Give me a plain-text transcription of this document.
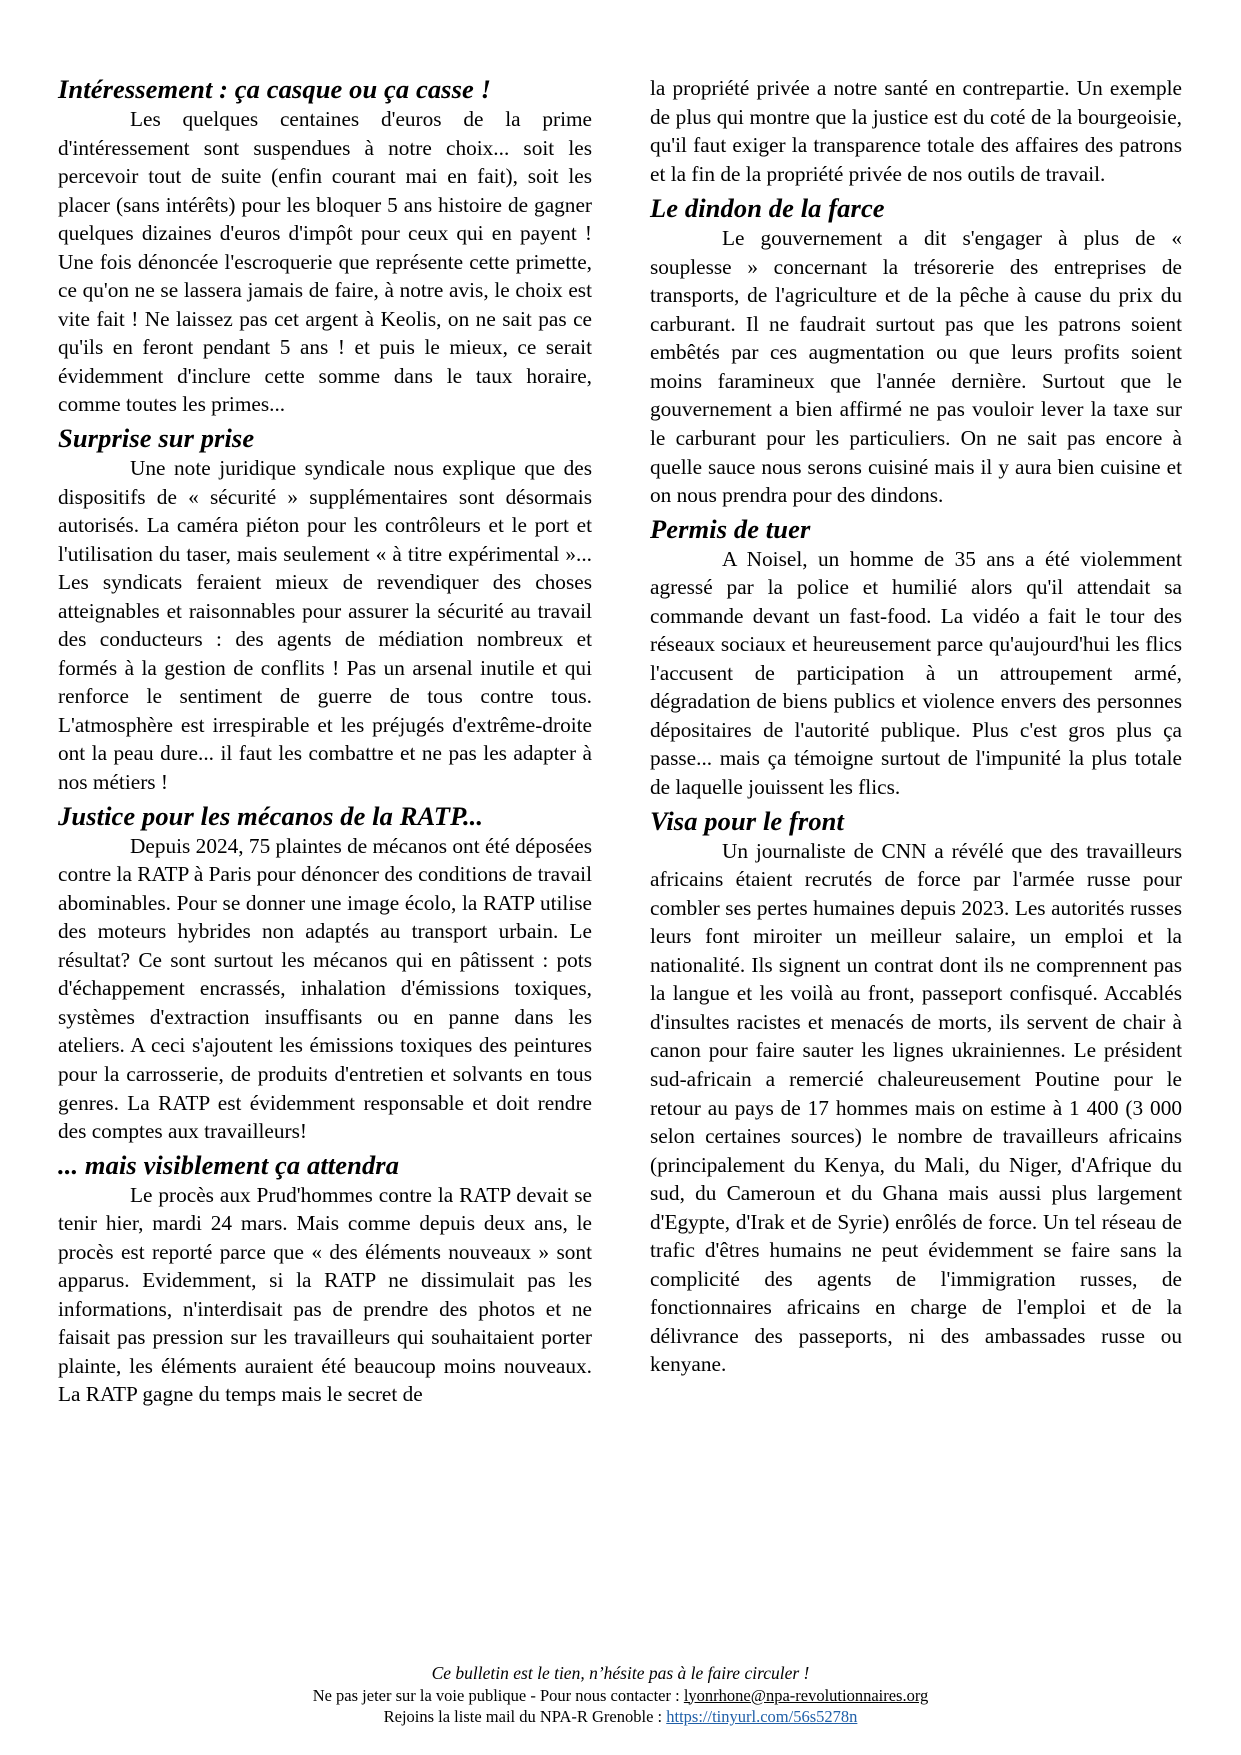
Intéressement : ça casque ou ça casse !

Les quelques centaines d'euros de la prime d'intéressement sont suspendues à notre choix... soit les percevoir tout de suite (enfin courant mai en fait), soit les placer (sans intérêts) pour les bloquer 5 ans histoire de gagner quelques dizaines d'euros d'impôt pour ceux qui en payent ! Une fois dénoncée l'escroquerie que représente cette primette, ce qu'on ne se lassera jamais de faire, à notre avis, le choix est vite fait ! Ne laissez pas cet argent à Keolis, on ne sait pas ce qu'ils en feront pendant 5 ans ! et puis le mieux, ce serait évidemment d'inclure cette somme dans le taux horaire, comme toutes les primes...

Surprise sur prise

Une note juridique syndicale nous explique que des dispositifs de « sécurité » supplémentaires sont désormais autorisés. La caméra piéton pour les contrôleurs et le port et l'utilisation du taser, mais seulement « à titre expérimental »... Les syndicats feraient mieux de revendiquer des choses atteignables et raisonnables pour assurer la sécurité au travail des conducteurs : des agents de médiation nombreux et formés à la gestion de conflits ! Pas un arsenal inutile et qui renforce le sentiment de guerre de tous contre tous. L'atmosphère est irrespirable et les préjugés d'extrême-droite ont la peau dure... il faut les combattre et ne pas les adapter à nos métiers !

Justice pour les mécanos de la RATP...

Depuis 2024, 75 plaintes de mécanos ont été déposées contre la RATP à Paris pour dénoncer des conditions de travail abominables. Pour se donner une image écolo, la RATP utilise des moteurs hybrides non adaptés au transport urbain. Le résultat? Ce sont surtout les mécanos qui en pâtissent : pots d'échappement encrassés, inhalation d'émissions toxiques, systèmes d'extraction insuffisants ou en panne dans les ateliers. A ceci s'ajoutent les émissions toxiques des peintures pour la carrosserie, de produits d'entretien et solvants en tous genres. La RATP est évidemment responsable et doit rendre des comptes aux travailleurs!

... mais visiblement ça attendra

Le procès aux Prud'hommes contre la RATP devait se tenir hier, mardi 24 mars. Mais comme depuis deux ans, le procès est reporté parce que « des éléments nouveaux » sont apparus. Evidemment, si la RATP ne dissimulait pas les informations, n'interdisait pas de prendre des photos et ne faisait pas pression sur les travailleurs qui souhaitaient porter plainte, les éléments auraient été beaucoup moins nouveaux. La RATP gagne du temps mais le secret de

la propriété privée a notre santé en contrepartie. Un exemple de plus qui montre que la justice est du coté de la bourgeoisie, qu'il faut exiger la transparence totale des affaires des patrons et la fin de la propriété privée de nos outils de travail.

Le dindon de la farce

Le gouvernement a dit s'engager à plus de « souplesse » concernant la trésorerie des entreprises de transports, de l'agriculture et de la pêche à cause du prix du carburant. Il ne faudrait surtout pas que les patrons soient embêtés par ces augmentation ou que leurs profits soient moins faramineux que l'année dernière. Surtout que le gouvernement a bien affirmé ne pas vouloir lever la taxe sur le carburant pour les particuliers. On ne sait pas encore à quelle sauce nous serons cuisiné mais il y aura bien cuisine et on nous prendra pour des dindons.

Permis de tuer

A Noisel, un homme de 35 ans a été violemment agressé par la police et humilié alors qu'il attendait sa commande devant un fast-food. La vidéo a fait le tour des réseaux sociaux et heureusement parce qu'aujourd'hui les flics l'accusent de participation à un attroupement armé, dégradation de biens publics et violence envers des personnes dépositaires de l'autorité publique. Plus c'est gros plus ça passe... mais ça témoigne surtout de l'impunité la plus totale de laquelle jouissent les flics.

Visa pour le front

Un journaliste de CNN a révélé que des travailleurs africains étaient recrutés de force par l'armée russe pour combler ses pertes humaines depuis 2023. Les autorités russes leurs font miroiter un meilleur salaire, un emploi et la nationalité. Ils signent un contrat dont ils ne comprennent pas la langue et les voilà au front, passeport confisqué. Accablés d'insultes racistes et menacés de morts, ils servent de chair à canon pour faire sauter les lignes ukrainiennes. Le président sud-africain a remercié chaleureusement Poutine pour le retour au pays de 17 hommes mais on estime à 1 400 (3 000 selon certaines sources) le nombre de travailleurs africains (principalement du Kenya, du Mali, du Niger, d'Afrique du sud, du Cameroun et du Ghana mais aussi plus largement d'Egypte, d'Irak et de Syrie) enrôlés de force. Un tel réseau de trafic d'êtres humains ne peut évidemment se faire sans la complicité des agents de l'immigration russes, de fonctionnaires africains en charge de l'emploi et de la délivrance des passeports, ni des ambassades russe ou kenyane.

Ce bulletin est le tien, n’hésite pas à le faire circuler !
Ne pas jeter sur la voie publique - Pour nous contacter : lyonrhone@npa-revolutionnaires.org
Rejoins la liste mail du NPA-R Grenoble : https://tinyurl.com/56s5278n
